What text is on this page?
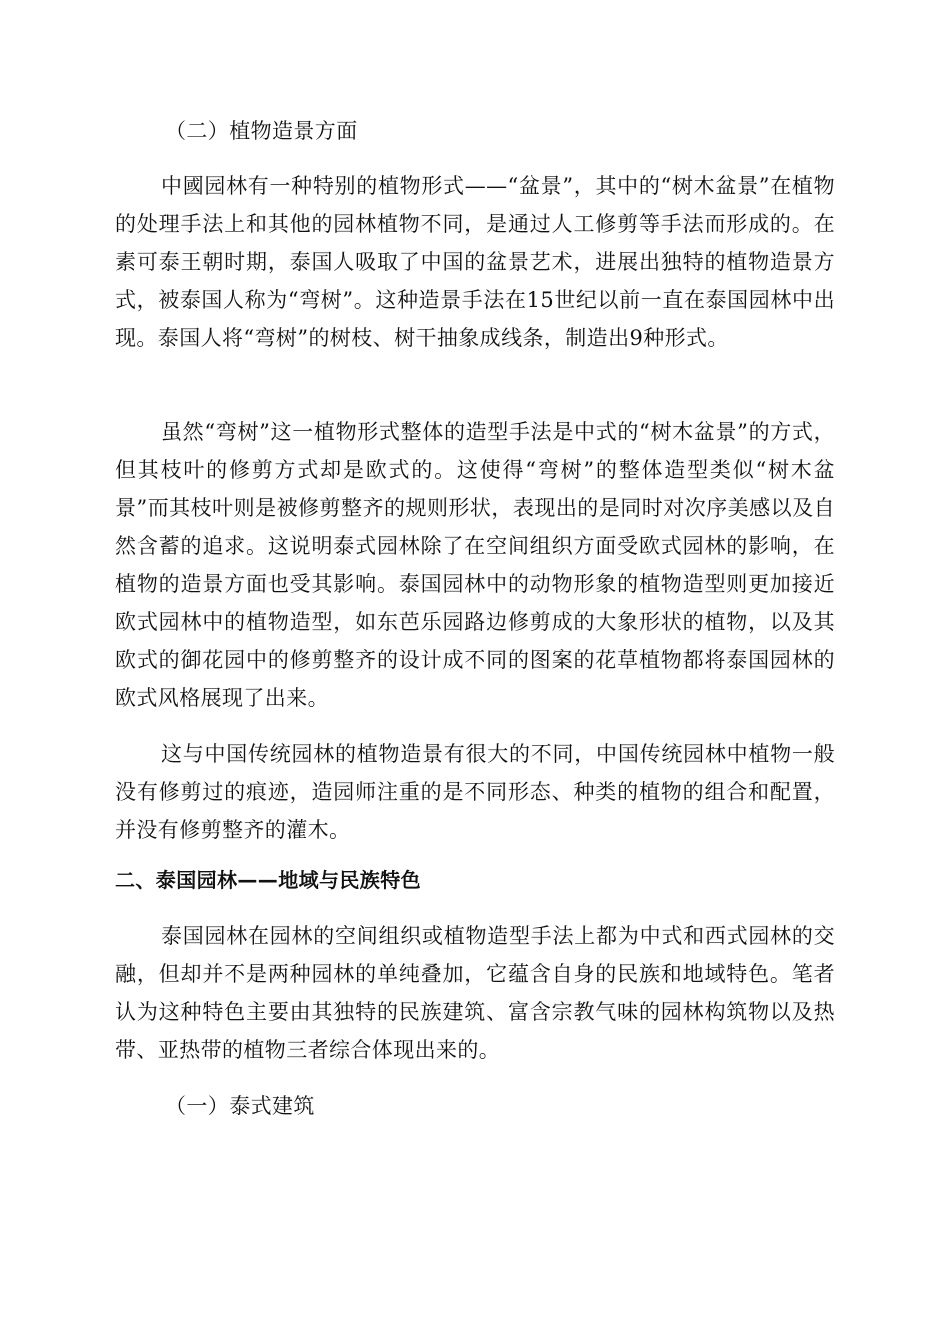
（二）植物造景方面
中國园林有一种特别的植物形式——“盆景”，其中的“树木盆景”在植物的处理手法上和其他的园林植物不同，是通过人工修剪等手法而形成的。在素可泰王朝时期，泰国人吸取了中国的盆景艺术，进展出独特的植物造景方式，被泰国人称为“弯树”。这种造景手法在15世纪以前一直在泰国园林中出现。泰国人将“弯树”的树枝、树干抽象成线条，制造出9种形式。
虽然“弯树”这一植物形式整体的造型手法是中式的“树木盆景”的方式，但其枝叶的修剪方式却是欧式的。这使得“弯树”的整体造型类似“树木盆景”而其枝叶则是被修剪整齐的规则形状，表现出的是同时对次序美感以及自然含蓄的追求。这说明泰式园林除了在空间组织方面受欧式园林的影响，在植物的造景方面也受其影响。泰国园林中的动物形象的植物造型则更加接近欧式园林中的植物造型，如东芭乐园路边修剪成的大象形状的植物，以及其欧式的御花园中的修剪整齐的设计成不同的图案的花草植物都将泰国园林的欧式风格展现了出来。
这与中国传统园林的植物造景有很大的不同，中国传统园林中植物一般没有修剪过的痕迹，造园师注重的是不同形态、种类的植物的组合和配置，并没有修剪整齐的灌木。
二、泰国园林——地域与民族特色
泰国园林在园林的空间组织或植物造型手法上都为中式和西式园林的交融，但却并不是两种园林的单纯叠加，它蕴含自身的民族和地域特色。笔者认为这种特色主要由其独特的民族建筑、富含宗教气味的园林构筑物以及热带、亚热带的植物三者综合体现出来的。
（一）泰式建筑
